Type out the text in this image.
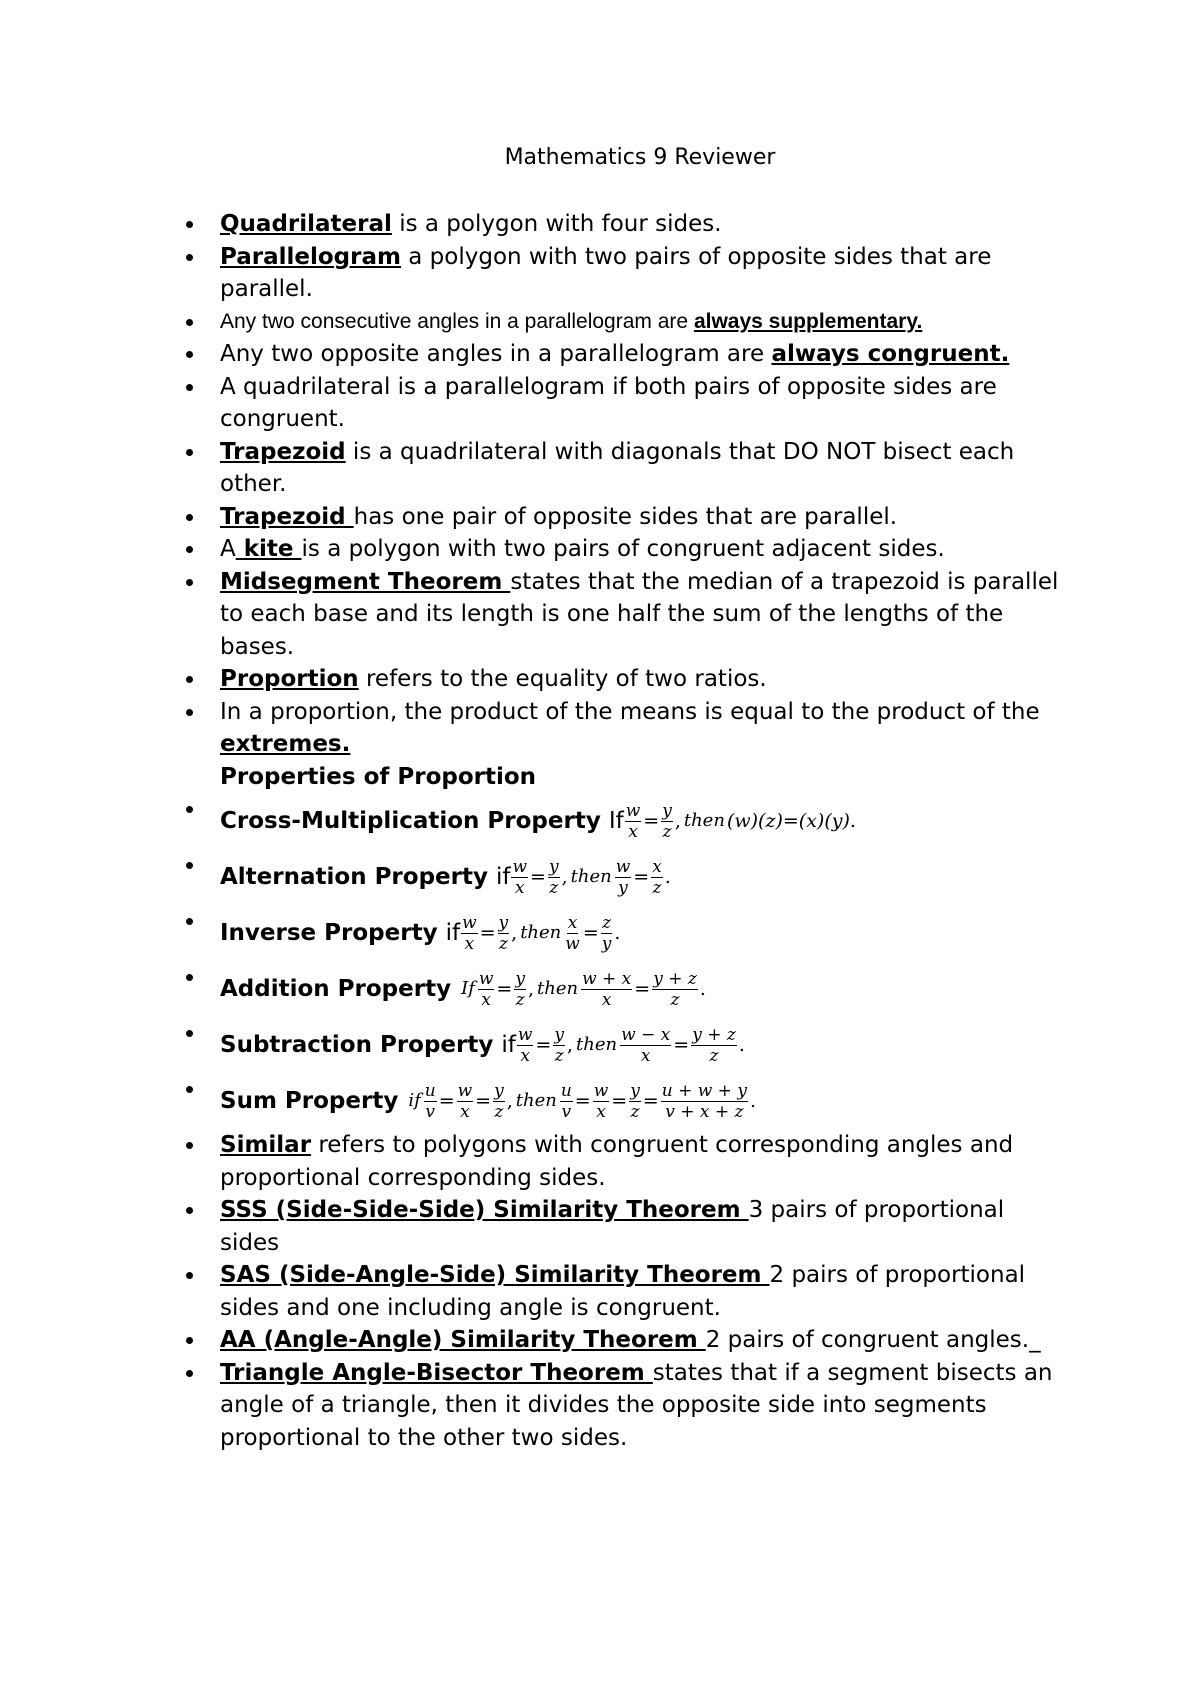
Mathematics 9 Reviewer
Quadrilateral is a polygon with four sides.
Parallelogram a polygon with two pairs of opposite sides that are parallel.
Any two consecutive angles in a parallelogram are always supplementary.
Any two opposite angles in a parallelogram are always congruent.
A quadrilateral is a parallelogram if both pairs of opposite sides are congruent.
Trapezoid is a quadrilateral with diagonals that DO NOT bisect each other.
Trapezoid has one pair of opposite sides that are parallel.
A kite is a polygon with two pairs of congruent adjacent sides.
Midsegment Theorem states that the median of a trapezoid is parallel to each base and its length is one half the sum of the lengths of the bases.
Proportion refers to the equality of two ratios.
In a proportion, the product of the means is equal to the product of the extremes.
Properties of Proportion
Cross-Multiplication Property If $\frac{w}{x} = \frac{y}{z}$ , then (w)(z)=(x)(y).
Alternation Property if $\frac{w}{x} = \frac{y}{z}$ , then $\frac{w}{y} = \frac{x}{z}$ .
Inverse Property if $\frac{w}{x} = \frac{y}{z}$ , then $\frac{x}{w} = \frac{z}{y}$ .
Addition Property If $\frac{w}{x} = \frac{y}{z}$ , then $\frac{w + x}{x} = \frac{y + z}{z}$ .
Subtraction Property if $\frac{w}{x} = \frac{y}{z}$ , then $\frac{w - x}{x} = \frac{y + z}{z}$ .
Sum Property if $\frac{u}{v} = \frac{w}{x} = \frac{y}{z}$ , then $\frac{u}{v} = \frac{w}{x} = \frac{y}{z} = \frac{u + w + y}{v + x + z}$ .
Similar refers to polygons with congruent corresponding angles and proportional corresponding sides.
SSS (Side-Side-Side) Similarity Theorem 3 pairs of proportional sides
SAS (Side-Angle-Side) Similarity Theorem 2 pairs of proportional sides and one including angle is congruent.
AA (Angle-Angle) Similarity Theorem 2 pairs of congruent angles._
Triangle Angle-Bisector Theorem states that if a segment bisects an angle of a triangle, then it divides the opposite side into segments proportional to the other two sides.
